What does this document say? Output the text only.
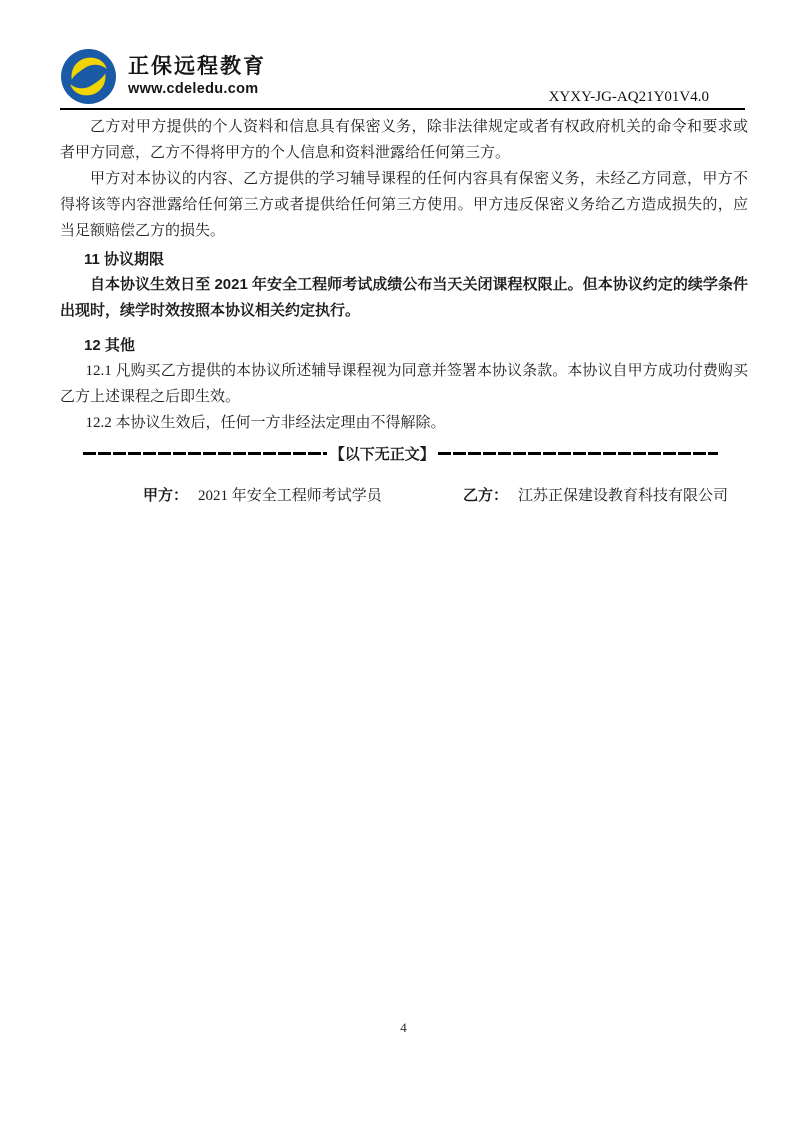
正保远程教育
www.cdeledu.com	XYXY-JG-AQ21Y01V4.0

乙方对甲方提供的个人资料和信息具有保密义务，除非法律规定或者有权政府机关的命令和要求或者甲方同意，乙方不得将甲方的个人信息和资料泄露给任何第三方。

甲方对本协议的内容、乙方提供的学习辅导课程的任何内容具有保密义务，未经乙方同意，甲方不得将该等内容泄露给任何第三方或者提供给任何第三方使用。甲方违反保密义务给乙方造成损失的，应当足额赔偿乙方的损失。

11 协议期限

自本协议生效日至 2021 年安全工程师考试成绩公布当天关闭课程权限止。但本协议约定的续学条件出现时，续学时效按照本协议相关约定执行。

12 其他

12.1 凡购买乙方提供的本协议所述辅导课程视为同意并签署本协议条款。本协议自甲方成功付费购买乙方上述课程之后即生效。

12.2 本协议生效后，任何一方非经法定理由不得解除。

【以下无正文】
甲方： 2021 年安全工程师考试学员	乙方： 江苏正保建设教育科技有限公司
4
